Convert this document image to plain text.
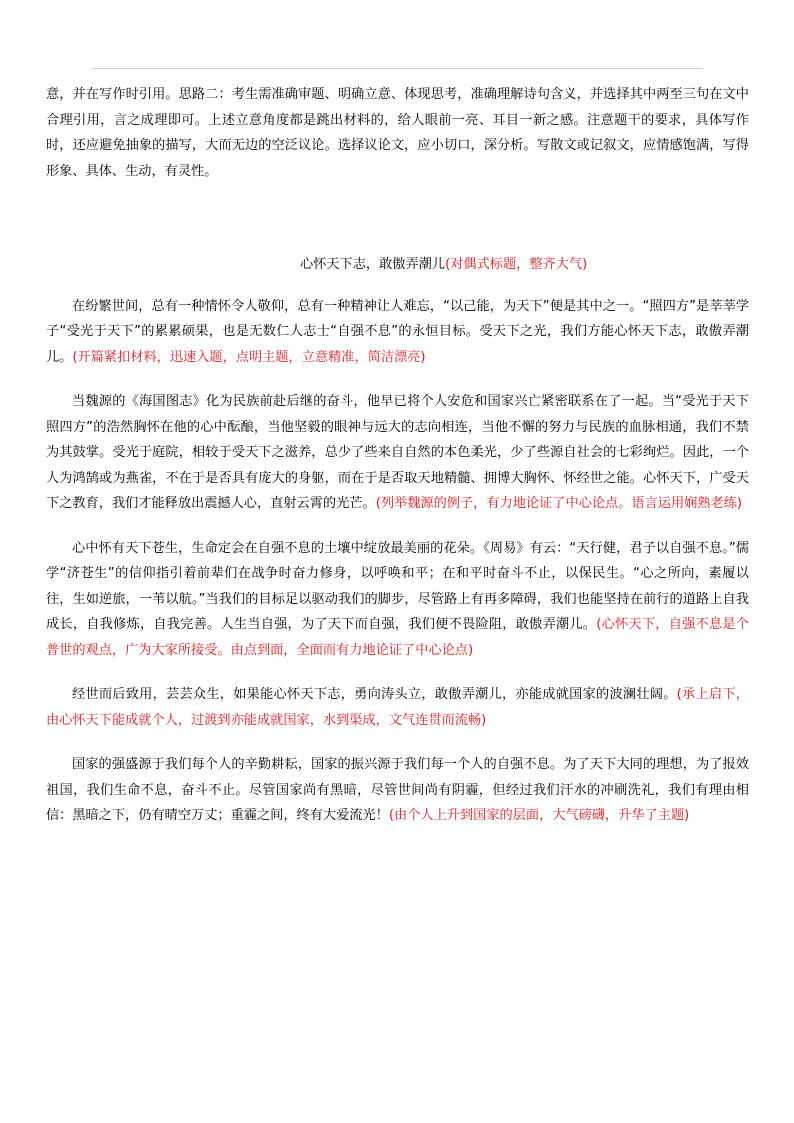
意，并在写作时引用。思路二：考生需准确审题、明确立意、体现思考，准确理解诗句含义，并选择其中两至三句在文中合理引用，言之成理即可。上述立意角度都是跳出材料的，给人眼前一亮、耳目一新之感。注意题干的要求，具体写作时，还应避免抽象的描写，大而无边的空泛议论。选择议论文，应小切口，深分析。写散文或记叙文，应情感饱满，写得形象、具体、生动，有灵性。

心怀天下志，敢傲弄潮儿(对偶式标题，整齐大气)

在纷繁世间，总有一种情怀令人敬仰，总有一种精神让人难忘，“以己能，为天下”便是其中之一。“照四方”是莘莘学子“受光于天下”的累累硕果，也是无数仁人志士“自强不息”的永恒目标。受天下之光，我们方能心怀天下志，敢傲弄潮儿。(开篇紧扣材料，迅速入题，点明主题，立意精准，简洁漂亮)

当魏源的《海国图志》化为民族前赴后继的奋斗，他早已将个人安危和国家兴亡紧密联系在了一起。当“受光于天下照四方”的浩然胸怀在他的心中酝酿，当他坚毅的眼神与远大的志向相连，当他不懈的努力与民族的血脉相通，我们不禁为其鼓掌。受光于庭院，相较于受天下之滋养，总少了些来自自然的本色柔光，少了些源自社会的七彩绚烂。因此，一个人为鸿鹄或为燕雀，不在于是否具有庞大的身躯，而在于是否取天地精髓、拥博大胸怀、怀经世之能。心怀天下，广受天下之教育，我们才能释放出震撼人心，直射云霄的光芒。(列举魏源的例子，有力地论证了中心论点。语言运用娴熟老练)

心中怀有天下苍生，生命定会在自强不息的土壤中绽放最美丽的花朵。《周易》有云：“天行健，君子以自强不息。”儒学“济苍生”的信仰指引着前辈们在战争时奋力修身，以呼唤和平；在和平时奋斗不止，以保民生。“心之所向，素履以往，生如逆旅，一苇以航。”当我们的目标足以驱动我们的脚步，尽管路上有再多障碍，我们也能坚持在前行的道路上自我成长，自我修炼，自我完善。人生当自强，为了天下而自强，我们便不畏险阻，敢傲弄潮儿。(心怀天下，自强不息是个普世的观点，广为大家所接受。由点到面，全面而有力地论证了中心论点)

经世而后致用，芸芸众生，如果能心怀天下志，勇向涛头立，敢傲弄潮儿，亦能成就国家的波澜壮阔。(承上启下，由心怀天下能成就个人，过渡到亦能成就国家，水到渠成，文气连贯而流畅)

国家的强盛源于我们每个人的辛勤耕耘，国家的振兴源于我们每一个人的自强不息。为了天下大同的理想，为了报效祖国，我们生命不息，奋斗不止。尽管国家尚有黑暗，尽管世间尚有阴霾，但经过我们汗水的冲刷洗礼，我们有理由相信：黑暗之下，仍有晴空万丈；重霾之间，终有大爱流光！(由个人上升到国家的层面，大气磅礴，升华了主题)
